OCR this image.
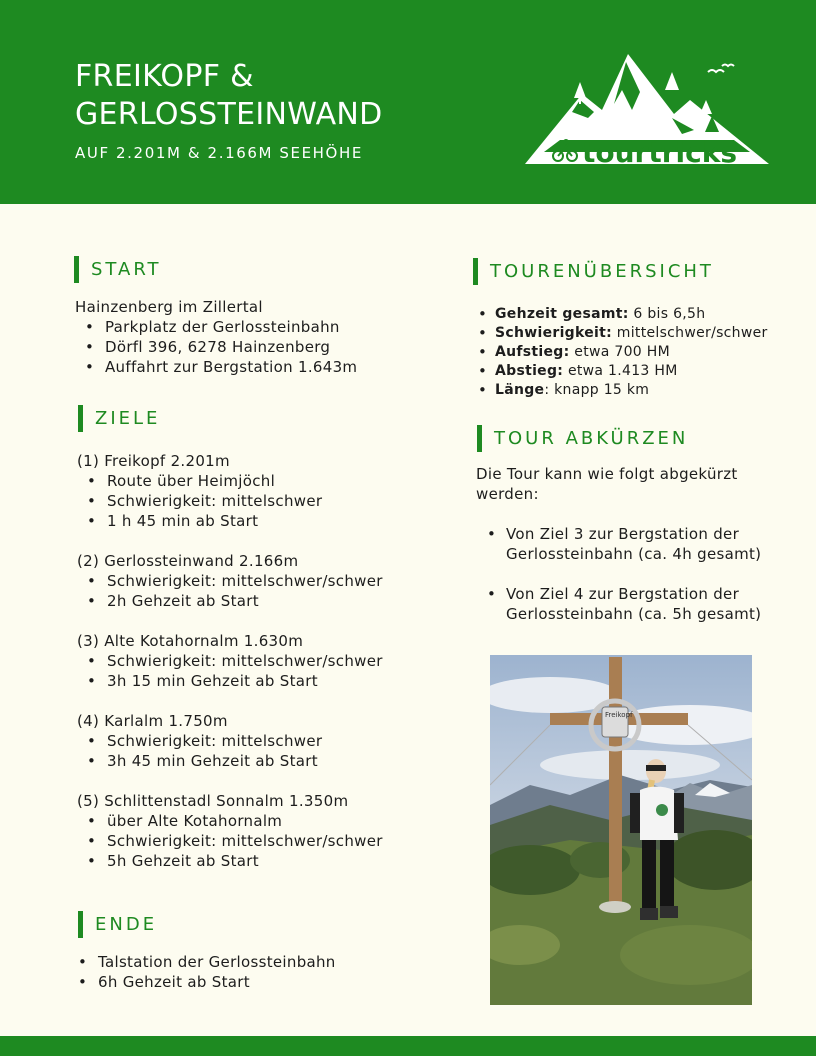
FREIKOPF &
GERLOSSTEINWAND
AUF 2.201M & 2.166M SEEHÖHE	tourtricks
START
Hainzenberg im Zillertal
• Parkplatz der Gerlossteinbahn
• Dörfl 396, 6278 Hainzenberg
• Auffahrt zur Bergstation 1.643m
ZIELE
(1) Freikopf 2.201m
• Route über Heimjöchl
• Schwierigkeit: mittelschwer
• 1 h 45 min ab Start
(2) Gerlossteinwand 2.166m
• Schwierigkeit: mittelschwer/schwer
• 2h Gehzeit ab Start
(3) Alte Kotahornalm 1.630m
• Schwierigkeit: mittelschwer/schwer
• 3h 15 min Gehzeit ab Start
(4) Karlalm 1.750m
• Schwierigkeit: mittelschwer
• 3h 45 min Gehzeit ab Start
(5) Schlittenstadl Sonnalm 1.350m
• über Alte Kotahornalm
• Schwierigkeit: mittelschwer/schwer
• 5h Gehzeit ab Start
ENDE
• Talstation der Gerlossteinbahn
• 6h Gehzeit ab Start
TOURENÜBERSICHT
• Gehzeit gesamt: 6 bis 6,5h
• Schwierigkeit: mittelschwer/schwer
• Aufstieg: etwa 700 HM
• Abstieg: etwa 1.413 HM
• Länge: knapp 15 km
TOUR ABKÜRZEN
Die Tour kann wie folgt abgekürzt werden:
• Von Ziel 3 zur Bergstation der Gerlossteinbahn (ca. 4h gesamt)
• Von Ziel 4 zur Bergstation der Gerlossteinbahn (ca. 5h gesamt)
Freikopf
